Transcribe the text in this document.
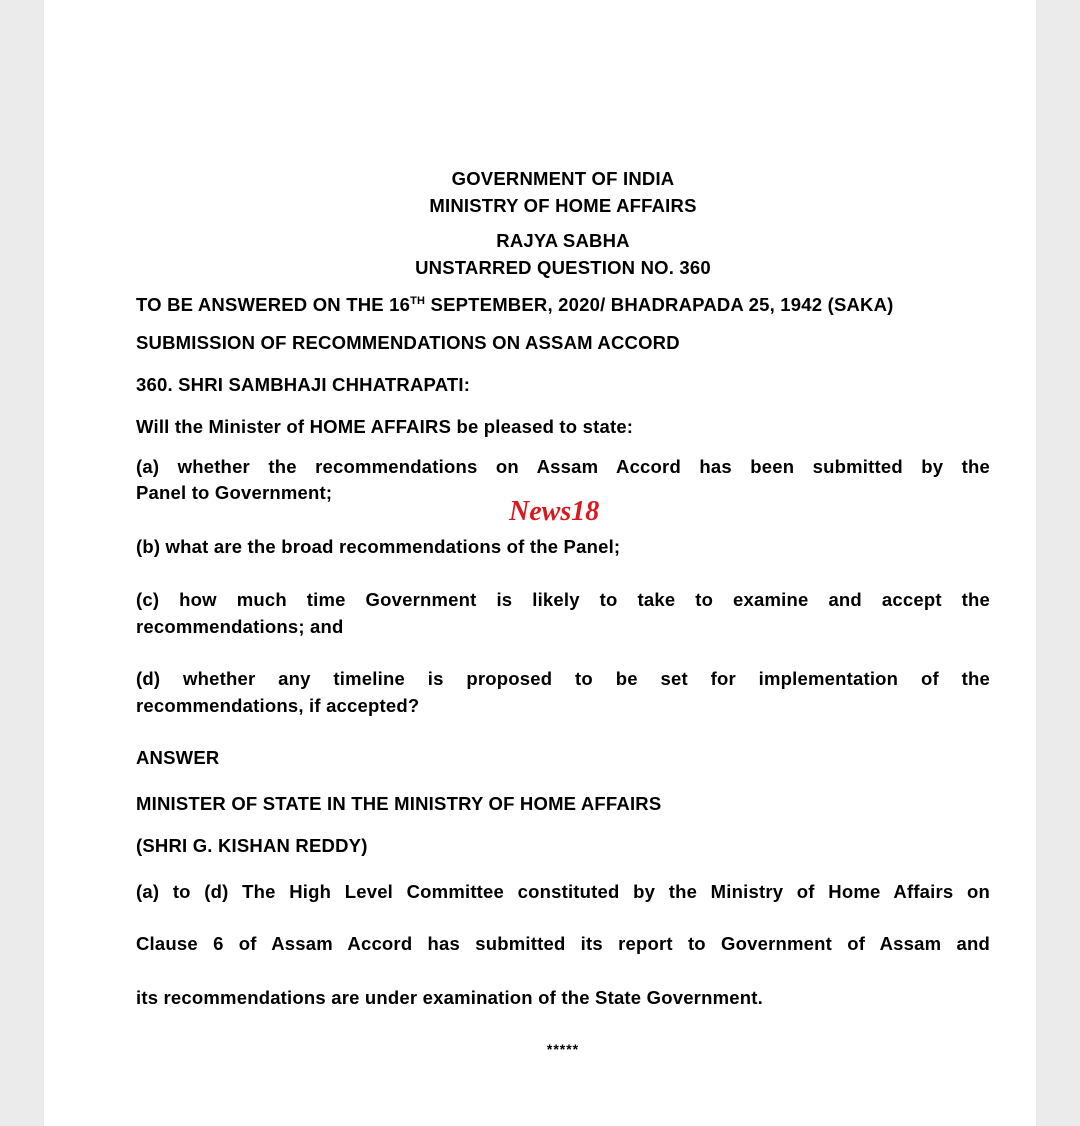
GOVERNMENT OF INDIA
MINISTRY OF HOME AFFAIRS
RAJYA SABHA
UNSTARRED QUESTION NO. 360
TO BE ANSWERED ON THE 16TH SEPTEMBER, 2020/ BHADRAPADA 25, 1942 (SAKA)
SUBMISSION OF RECOMMENDATIONS ON ASSAM ACCORD
360. SHRI SAMBHAJI CHHATRAPATI:
Will the Minister of HOME AFFAIRS be pleased to state:
(a) whether the recommendations on Assam Accord has been submitted by the
Panel to Government;
(b) what are the broad recommendations of the Panel;
(c) how much time Government is likely to take to examine and accept the
recommendations; and
(d) whether any timeline is proposed to be set for implementation of the
recommendations, if accepted?
ANSWER
MINISTER OF STATE IN THE MINISTRY OF HOME AFFAIRS
(SHRI G. KISHAN REDDY)
(a) to (d) The High Level Committee constituted by the Ministry of Home Affairs on
Clause 6 of Assam Accord has submitted its report to Government of Assam and
its recommendations are under examination of the State Government.
*****
News18
